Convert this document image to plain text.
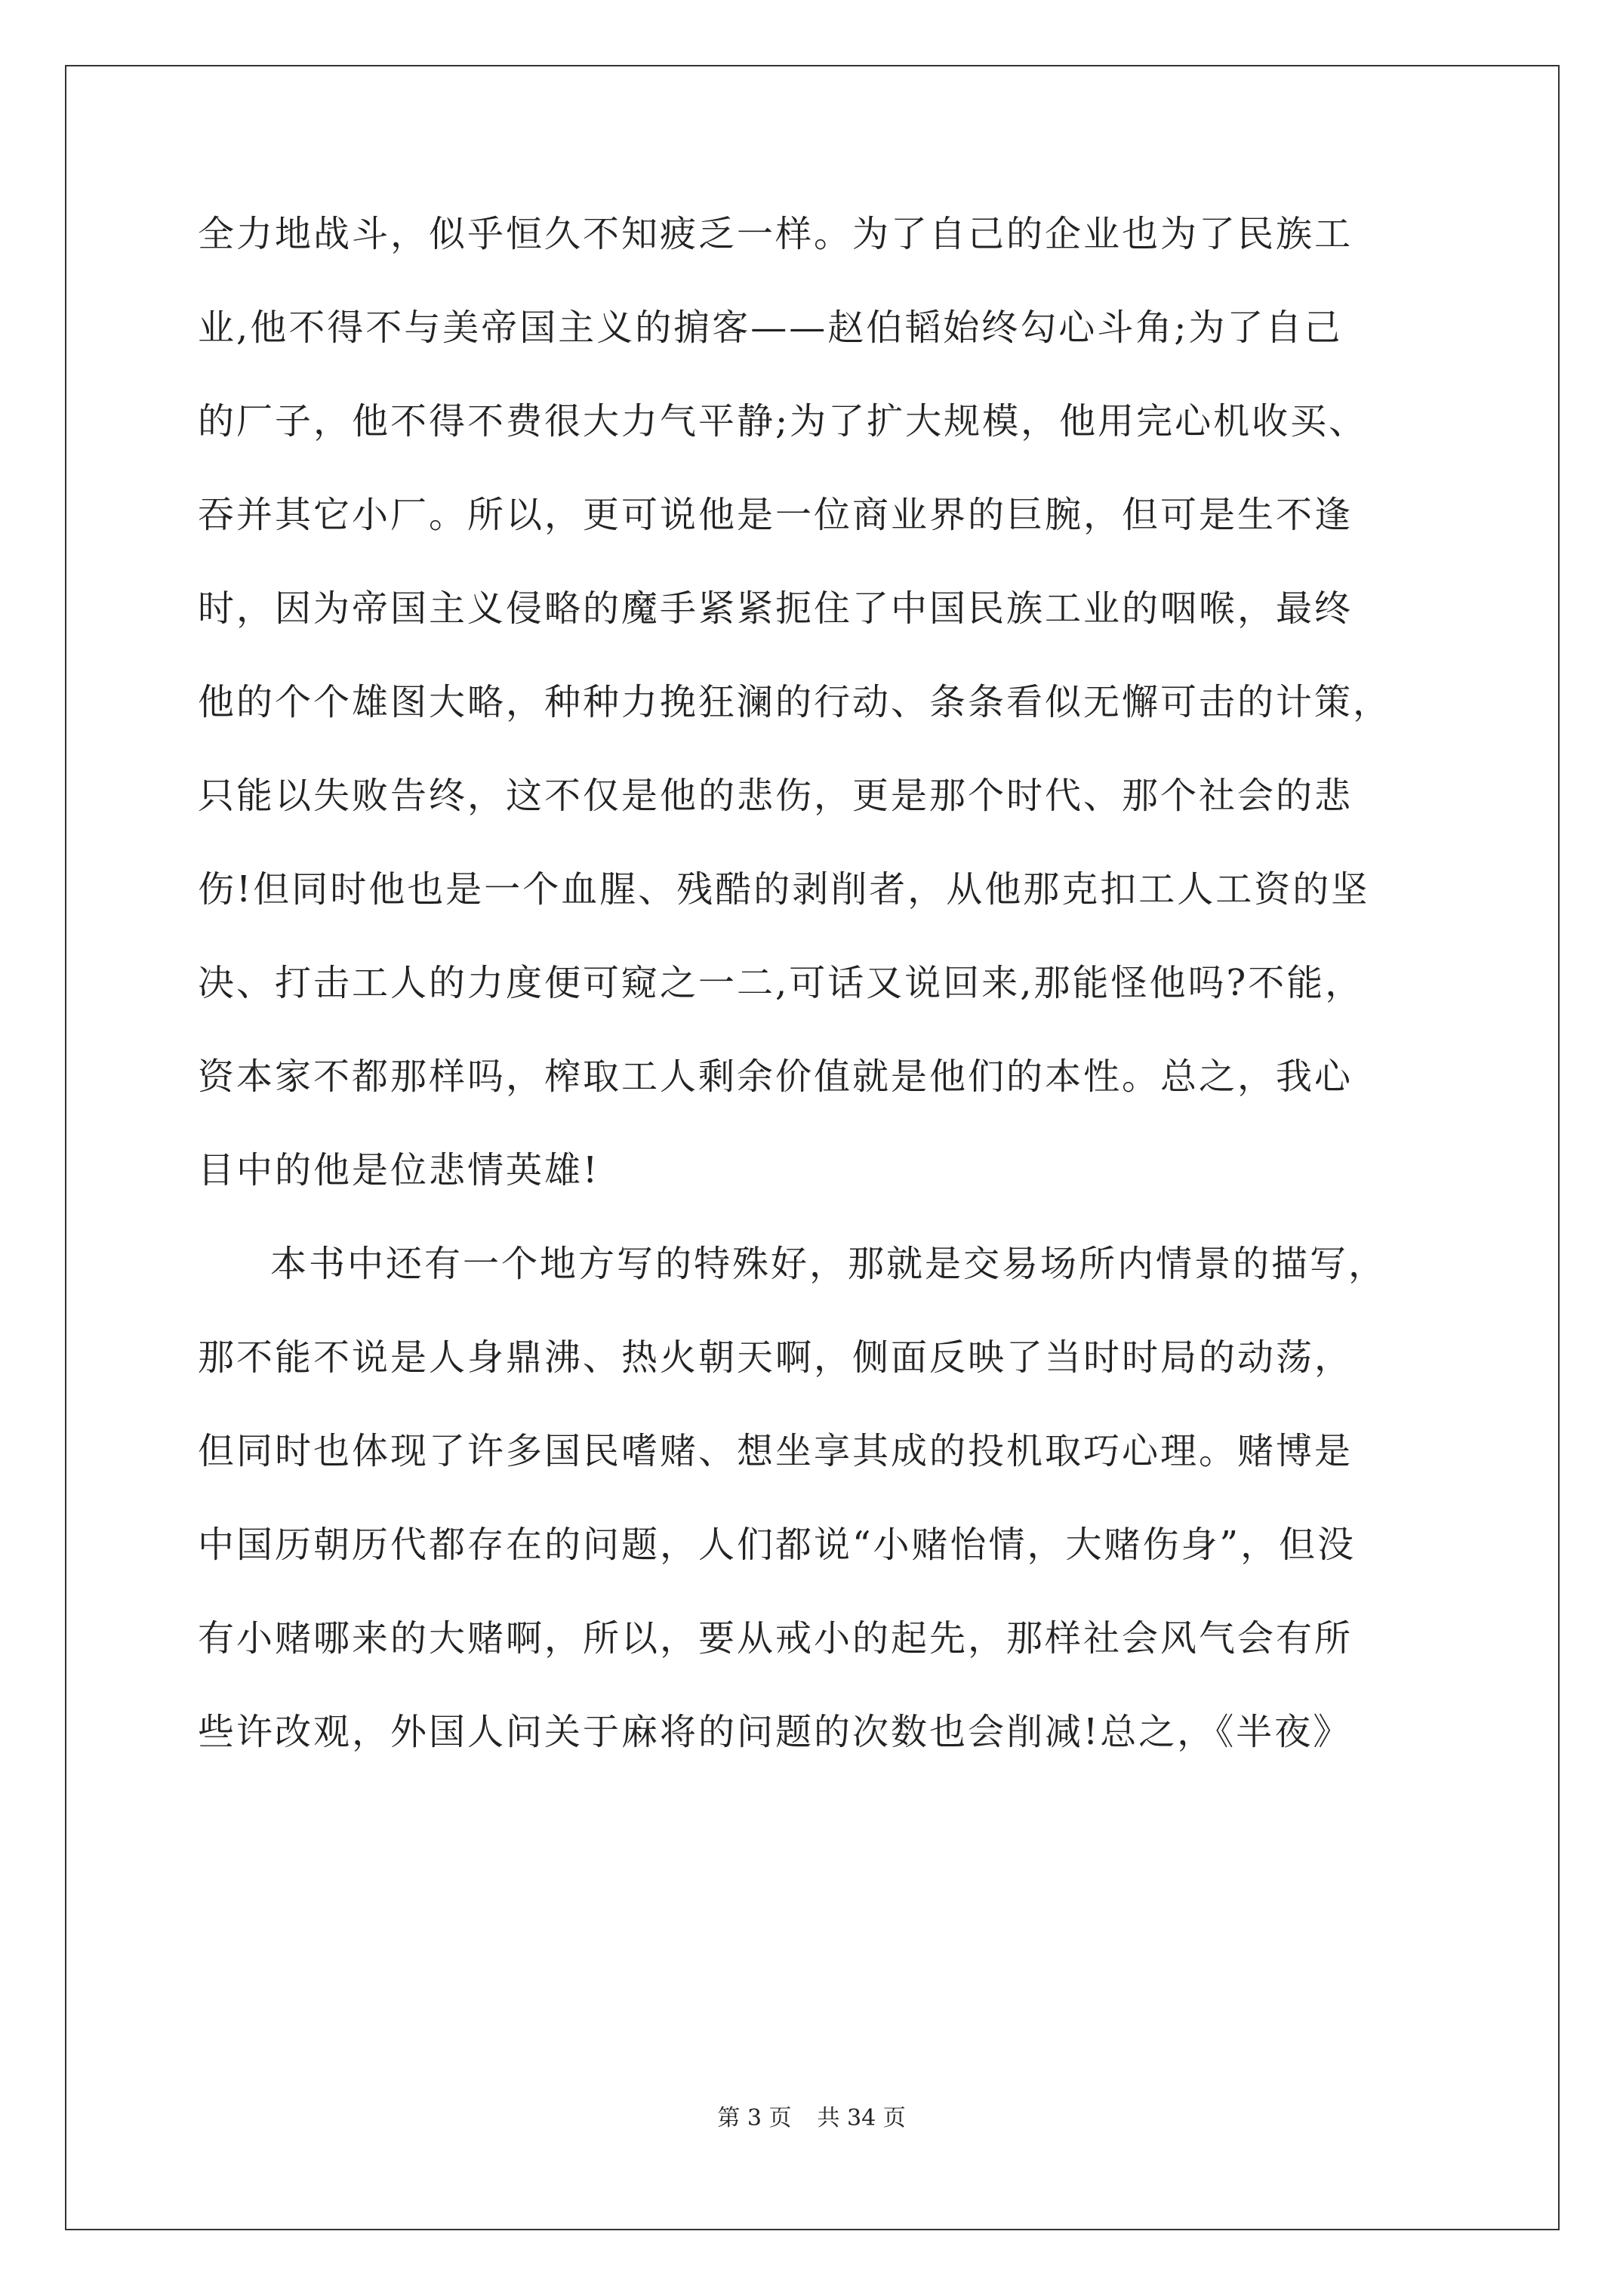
全力地战斗，似乎恒久不知疲乏一样。为了自己的企业也为了民族工
业,他不得不与美帝国主义的掮客——赵伯韬始终勾心斗角;为了自己
的厂子，他不得不费很大力气平静;为了扩大规模，他用完心机收买、
吞并其它小厂。所以，更可说他是一位商业界的巨腕，但可是生不逢
时，因为帝国主义侵略的魔手紧紧扼住了中国民族工业的咽喉，最终
他的个个雄图大略，种种力挽狂澜的行动、条条看似无懈可击的计策，
只能以失败告终，这不仅是他的悲伤，更是那个时代、那个社会的悲
伤!但同时他也是一个血腥、残酷的剥削者，从他那克扣工人工资的坚
决、打击工人的力度便可窥之一二,可话又说回来,那能怪他吗?不能，
资本家不都那样吗，榨取工人剩余价值就是他们的本性。总之，我心
目中的他是位悲情英雄!
本书中还有一个地方写的特殊好，那就是交易场所内情景的描写，
那不能不说是人身鼎沸、热火朝天啊，侧面反映了当时时局的动荡，
但同时也体现了许多国民嗜赌、想坐享其成的投机取巧心理。赌博是
中国历朝历代都存在的问题，人们都说“小赌怡情，大赌伤身”，但没
有小赌哪来的大赌啊，所以，要从戒小的起先，那样社会风气会有所
些许改观，外国人问关于麻将的问题的次数也会削减!总之，《半夜》
第 3 页 共 34 页
